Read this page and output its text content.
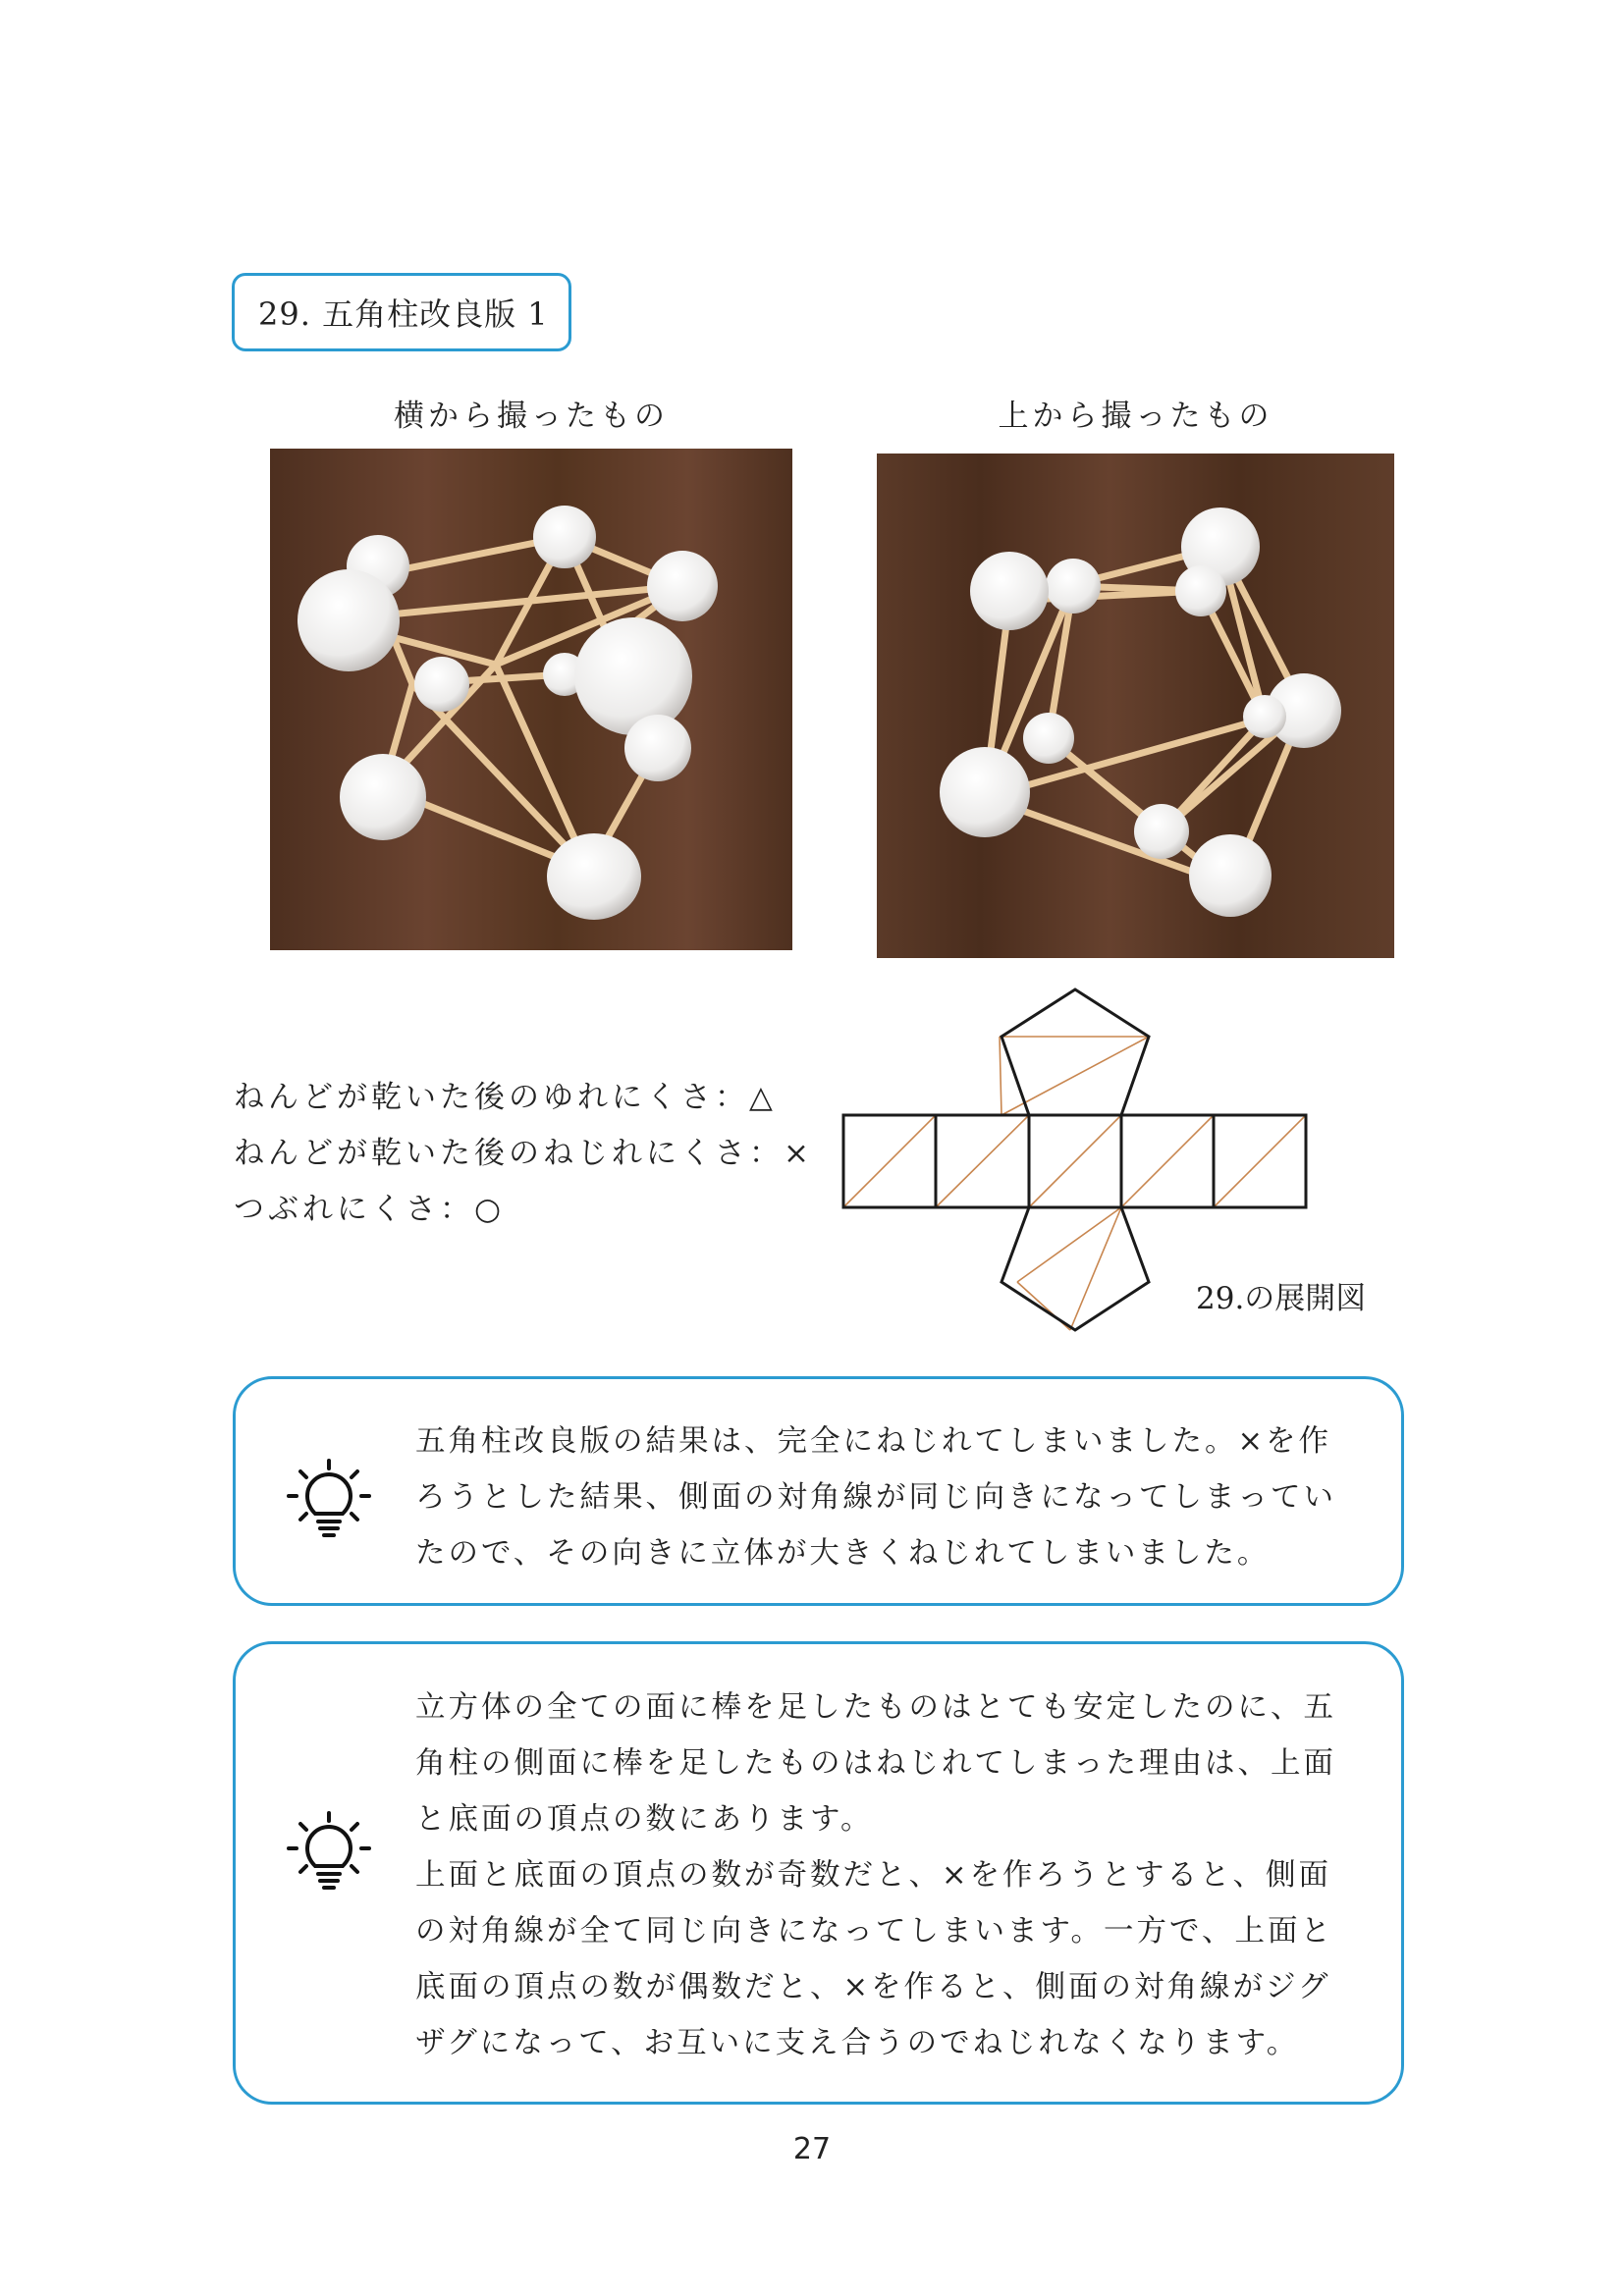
29. 五角柱改良版 1
横から撮ったもの	上から撮ったもの
ねんどが乾いた後のゆれにくさ：△
ねんどが乾いた後のねじれにくさ：×
つぶれにくさ：○
29.の展開図
五角柱改良版の結果は、完全にねじれてしまいました。×を作
ろうとした結果、側面の対角線が同じ向きになってしまってい
たので、その向きに立体が大きくねじれてしまいました。
立方体の全ての面に棒を足したものはとても安定したのに、五
角柱の側面に棒を足したものはねじれてしまった理由は、上面
と底面の頂点の数にあります。
上面と底面の頂点の数が奇数だと、×を作ろうとすると、側面
の対角線が全て同じ向きになってしまいます。一方で、上面と
底面の頂点の数が偶数だと、×を作ると、側面の対角線がジグ
ザグになって、お互いに支え合うのでねじれなくなります。
27
